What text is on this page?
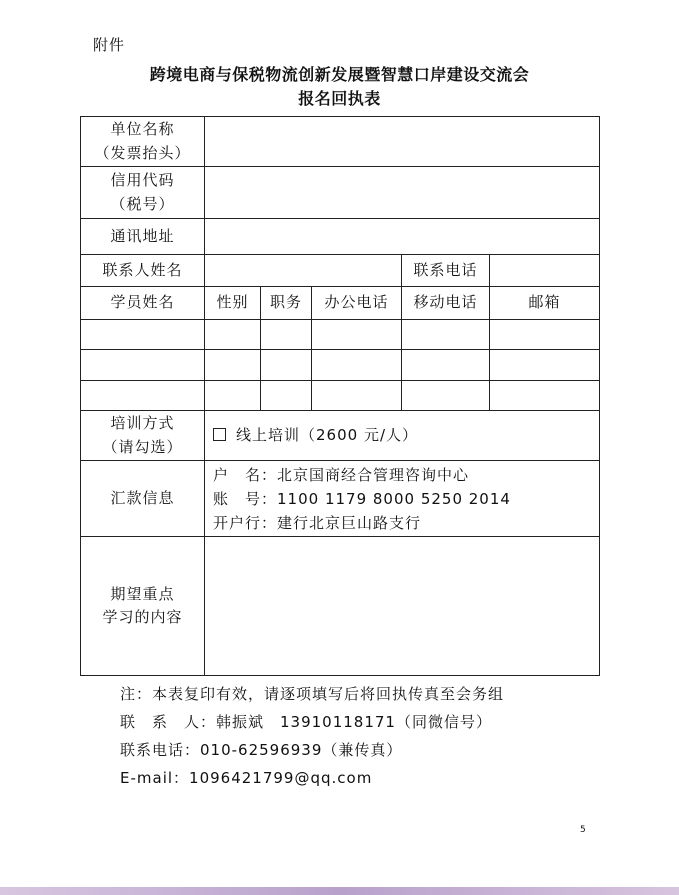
附件
跨境电商与保税物流创新发展暨智慧口岸建设交流会
报名回执表
单位名称
（发票抬头）					

信用代码
（税号）					

通讯地址					
联系人姓名				联系电话	
学员姓名	性别	职务	办公电话	移动电话	邮箱

培训方式
（请勾选）	线上培训（2600 元/人）				
汇款信息	户　名：北京国商经合管理咨询中心
账　号：1100 1179 8000 5250 2014
开户行：建行北京巨山路支行				

期望重点
学习的内容					

注：本表复印有效，请逐项填写后将回执传真至会务组
联　系　人：韩振斌　13910118171（同微信号）
联系电话：010-62596939（兼传真）
E-mail：1096421799@qq.com
5
